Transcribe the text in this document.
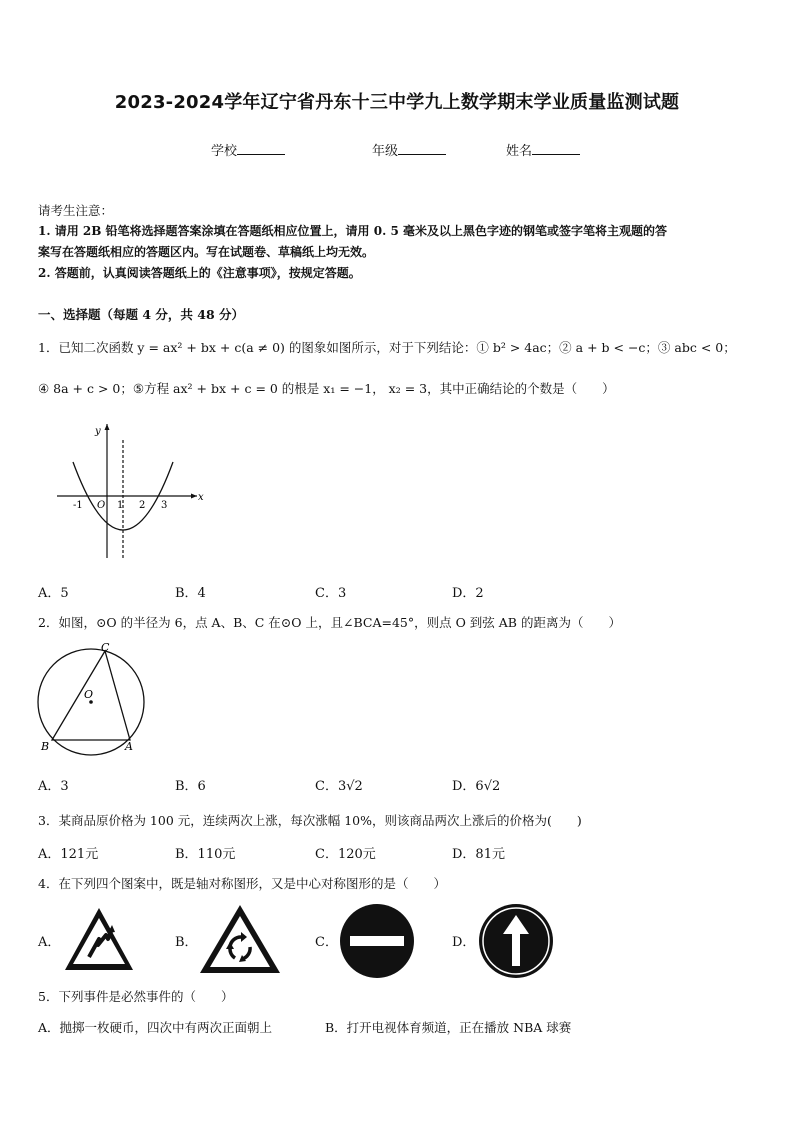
2023-2024学年辽宁省丹东十三中学九上数学期末学业质量监测试题
学校	年级	姓名
请考生注意：
1. 请用 2B 铅笔将选择题答案涂填在答题纸相应位置上，请用 0. 5 毫米及以上黑色字迹的钢笔或签字笔将主观题的答
案写在答题纸相应的答题区内。写在试题卷、草稿纸上均无效。
2. 答题前，认真阅读答题纸上的《注意事项》，按规定答题。
一、选择题（每题 4 分，共 48 分）
1．已知二次函数 y = ax² + bx + c(a ≠ 0) 的图象如图所示，对于下列结论：① b² > 4ac；② a + b < −c；③ abc < 0；
④ 8a + c > 0；⑤方程 ax² + bx + c = 0 的根是 x₁ = −1， x₂ = 3，其中正确结论的个数是（　　）
y
x
O
-1	1 2 3
A．5	B．4	C．3	D．2
2．如图，⊙O 的半径为 6，点 A、B、C 在⊙O 上，且∠BCA=45°，则点 O 到弦 AB 的距离为（　　）
C
O
B	A
A．3	B．6	C．3√2	D．6√2
3．某商品原价格为 100 元，连续两次上涨，每次涨幅 10%，则该商品两次上涨后的价格为(　　)
A．121元	B．110元	C．120元	D．81元
4．在下列四个图案中，既是轴对称图形，又是中心对称图形的是（　　）
A．	B．	C．	D．
5．下列事件是必然事件的（　　）
A．抛掷一枚硬币，四次中有两次正面朝上	B．打开电视体育频道，正在播放 NBA 球赛
